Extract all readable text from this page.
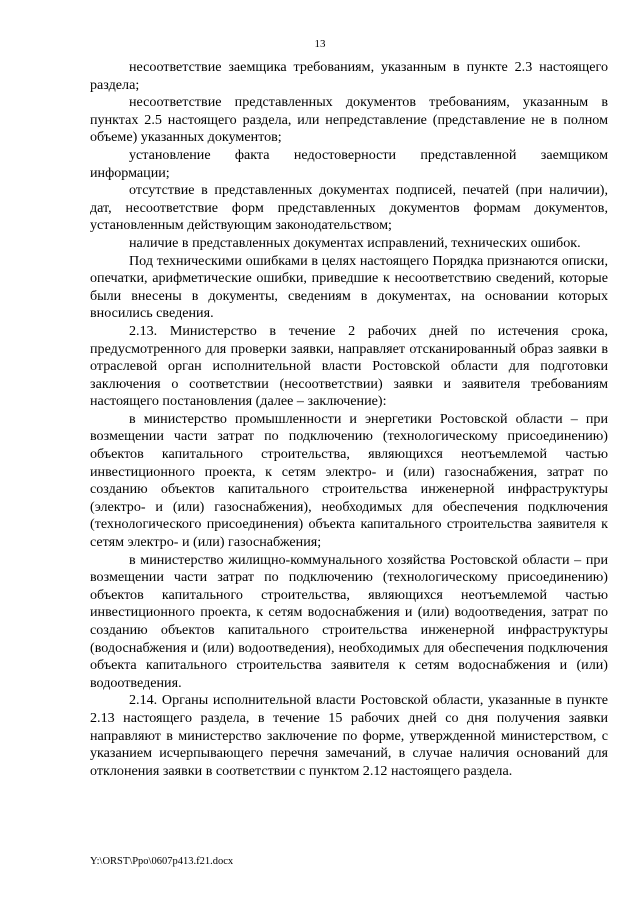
13

несоответствие заемщика требованиям, указанным в пункте 2.3 настоящего раздела;

несоответствие представленных документов требованиям, указанным в пунктах 2.5 настоящего раздела, или непредставление (представление не в полном объеме) указанных документов;

установление факта недостоверности представленной заемщиком информации;

отсутствие в представленных документах подписей, печатей (при наличии), дат, несоответствие форм представленных документов формам документов, установленным действующим законодательством;

наличие в представленных документах исправлений, технических ошибок.

Под техническими ошибками в целях настоящего Порядка признаются описки, опечатки, арифметические ошибки, приведшие к несоответствию сведений, которые были внесены в документы, сведениям в документах, на основании которых вносились сведения.

2.13. Министерство в течение 2 рабочих дней по истечения срока, предусмотренного для проверки заявки, направляет отсканированный образ заявки в отраслевой орган исполнительной власти Ростовской области для подготовки заключения о соответствии (несоответствии) заявки и заявителя требованиям настоящего постановления (далее – заключение):

в министерство промышленности и энергетики Ростовской области – при возмещении части затрат по подключению (технологическому присоединению) объектов капитального строительства, являющихся неотъемлемой частью инвестиционного проекта, к сетям электро- и (или) газоснабжения, затрат по созданию объектов капитального строительства инженерной инфраструктуры (электро- и (или) газоснабжения), необходимых для обеспечения подключения (технологического присоединения) объекта капитального строительства заявителя к сетям электро- и (или) газоснабжения;

в министерство жилищно-коммунального хозяйства Ростовской области – при возмещении части затрат по подключению (технологическому присоединению) объектов капитального строительства, являющихся неотъемлемой частью инвестиционного проекта, к сетям водоснабжения и (или) водоотведения, затрат по созданию объектов капитального строительства инженерной инфраструктуры (водоснабжения и (или) водоотведения), необходимых для обеспечения подключения объекта капитального строительства заявителя к сетям водоснабжения и (или) водоотведения.

2.14. Органы исполнительной власти Ростовской области, указанные в пункте 2.13 настоящего раздела, в течение 15 рабочих дней со дня получения заявки направляют в министерство заключение по форме, утвержденной министерством, с указанием исчерпывающего перечня замечаний, в случае наличия оснований для отклонения заявки в соответствии с пунктом 2.12 настоящего раздела.

Y:\ORST\Ppo\0607p413.f21.docx
